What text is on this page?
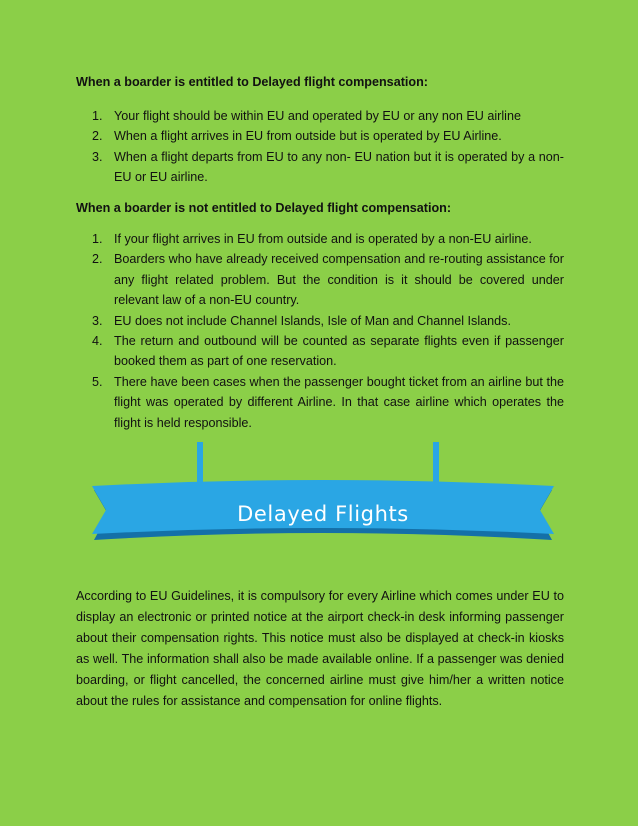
When a boarder is entitled to Delayed flight compensation:
1. Your flight should be within EU and operated by EU or any non EU airline
2. When a flight arrives in EU from outside but is operated by EU Airline.
3. When a flight departs from EU to any non- EU nation but it is operated by a non- EU or EU airline.
When a boarder is not entitled to Delayed flight compensation:
1. If your flight arrives in EU from outside and is operated by a non-EU airline.
2. Boarders who have already received compensation and re-routing assistance for any flight related problem. But the condition is it should be covered under relevant law of a non-EU country.
3. EU does not include Channel Islands, Isle of Man and Channel Islands.
4. The return and outbound will be counted as separate flights even if passenger booked them as part of one reservation.
5. There have been cases when the passenger bought ticket from an airline but the flight was operated by different Airline. In that case airline which operates the flight is held responsible.
Delayed Flights
According to EU Guidelines, it is compulsory for every Airline which comes under EU to display an electronic or printed notice at the airport check-in desk informing passenger about their compensation rights. This notice must also be displayed at check-in kiosks as well. The information shall also be made available online. If a passenger was denied boarding, or flight cancelled, the concerned airline must give him/her a written notice about the rules for assistance and compensation for online flights.
